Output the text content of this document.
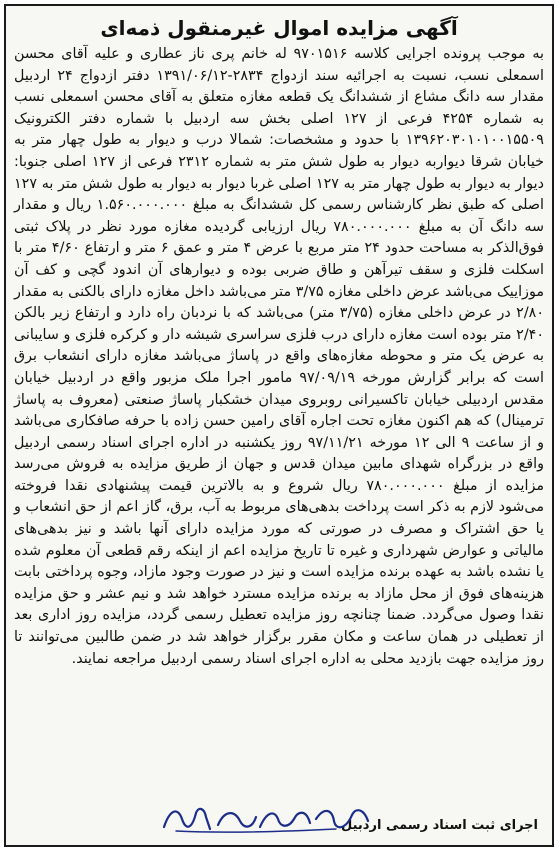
آگهی مزایده اموال غیرمنقول ذمه‌ای

به موجب پرونده اجرایی کلاسه ۹۷۰۱۵۱۶ له خانم پری ناز عطاری و علیه آقای محسن اسمعلی نسب، نسبت به اجرائیه سند ازدواج ۲۸۳۴-۱۳۹۱/۰۶/۱۲ دفتر ازدواج ۲۴ اردبیل مقدار سه دانگ مشاع از ششدانگ یک قطعه مغازه متعلق به آقای محسن اسمعلی نسب به شماره ۴۲۵۴ فرعی از ۱۲۷ اصلی بخش سه اردبیل با شماره دفتر الکترونیک ۱۳۹۶۲۰۳۰۱۰۱۰۰۱۵۵۰۹ با حدود و مشخصات: شمالا درب و دیوار به طول چهار متر به خیابان شرقا دیواربه دیوار به طول شش متر به شماره ۲۳۱۲ فرعی از ۱۲۷ اصلی جنوبا: دیوار به دیوار به طول چهار متر به ۱۲۷ اصلی غربا دیوار به دیوار به طول شش متر به ۱۲۷ اصلی که طبق نظر کارشناس رسمی کل ششدانگ به مبلغ ۱.۵۶۰.۰۰۰.۰۰۰ ریال و مقدار سه دانگ آن به مبلغ ۷۸۰.۰۰۰.۰۰۰ ریال ارزیابی گردیده مغازه مورد نظر در پلاک ثبتی فوق‌الذکر به مساحت حدود ۲۴ متر مربع با عرض ۴ متر و عمق ۶ متر و ارتفاع ۴/۶۰ متر با اسکلت فلزی و سقف تیرآهن و طاق ضربی بوده و دیوارهای آن اندود گچی و کف آن موزاییک می‌باشد عرض داخلی مغازه ۳/۷۵ متر می‌باشد داخل مغازه دارای بالکنی به مقدار ۲/۸۰ در عرض داخلی مغازه (۳/۷۵ متر) می‌باشد که با نردبان راه دارد و ارتفاع زیر بالکن ۲/۴۰ متر بوده است مغازه دارای درب فلزی سراسری شیشه دار و کرکره فلزی و سایبانی به عرض یک متر و محوطه مغازه‌های واقع در پاساژ می‌باشد مغازه دارای انشعاب برق است که برابر گزارش مورخه ۹۷/۰۹/۱۹ مامور اجرا ملک مزبور واقع در اردبیل خیابان مقدس اردبیلی خیابان تاکسیرانی روبروی میدان خشکبار پاساژ صنعتی (معروف به پاساژ ترمینال) که هم اکنون مغازه تحت اجاره آقای رامین حسن زاده با حرفه صافکاری می‌باشد و از ساعت ۹ الی ۱۲ مورخه ۹۷/۱۱/۲۱ روز یکشنبه در اداره اجرای اسناد رسمی اردبیل واقع در بزرگراه شهدای مابین میدان قدس و جهان از طریق مزایده به فروش می‌رسد مزایده از مبلغ ۷۸۰.۰۰۰.۰۰۰ ریال شروع و به بالاترین قیمت پیشنهادی نقدا فروخته می‌شود لازم به ذکر است پرداخت بدهی‌های مربوط به آب، برق، گاز اعم از حق انشعاب و یا حق اشتراک و مصرف در صورتی که مورد مزایده دارای آنها باشد و نیز بدهی‌های مالیاتی و عوارض شهرداری و غیره تا تاریخ مزایده اعم از اینکه رقم قطعی آن معلوم شده یا نشده باشد به عهده برنده مزایده است و نیز در صورت وجود مازاد، وجوه پرداختی بابت هزینه‌های فوق از محل مازاد به برنده مزایده مسترد خواهد شد و نیم عشر و حق مزایده نقدا وصول می‌گردد. ضمنا چنانچه روز مزایده تعطیل رسمی گردد، مزایده روز اداری بعد از تعطیلی در همان ساعت و مکان مقرر برگزار خواهد شد در ضمن طالبین می‌توانند تا روز مزایده جهت بازدید محلی به اداره اجرای اسناد رسمی اردبیل مراجعه نمایند.

اجرای ثبت اسناد رسمی اردبیل
